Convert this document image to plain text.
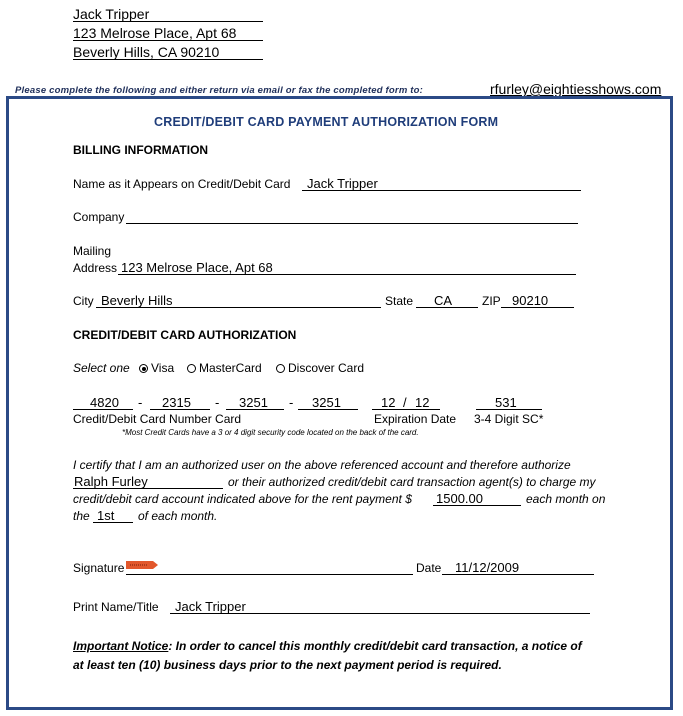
Jack Tripper
123 Melrose Place, Apt 68
Beverly Hills, CA 90210
Please complete the following and either return via email or fax the completed form to:	rfurley@eightiesshows.com
CREDIT/DEBIT CARD PAYMENT AUTHORIZATION FORM
BILLING INFORMATION
Name as it Appears on Credit/Debit Card Jack Tripper
Company
Mailing
Address 123 Melrose Place, Apt 68
City Beverly Hills	State CA ZIP 90210
CREDIT/DEBIT CARD AUTHORIZATION
Select one	Visa	MasterCard	Discover Card
4820 - 2315 - 3251 - 3251	12 / 12	531
Credit/Debit Card Number Card	Expiration Date 3-4 Digit SC*
*Most Credit Cards have a 3 or 4 digit security code located on the back of the card.
I certify that I am an authorized user on the above referenced account and therefore authorize
Ralph Furley	or their authorized credit/debit card transaction agent(s) to charge my
credit/debit card account indicated above for the rent payment $ 1500.00	each month on
the 1st of each month.
Signature	Date 11/12/2009
Print Name/Title Jack Tripper
Important Notice: In order to cancel this monthly credit/debit card transaction, a notice of
at least ten (10) business days prior to the next payment period is required.
